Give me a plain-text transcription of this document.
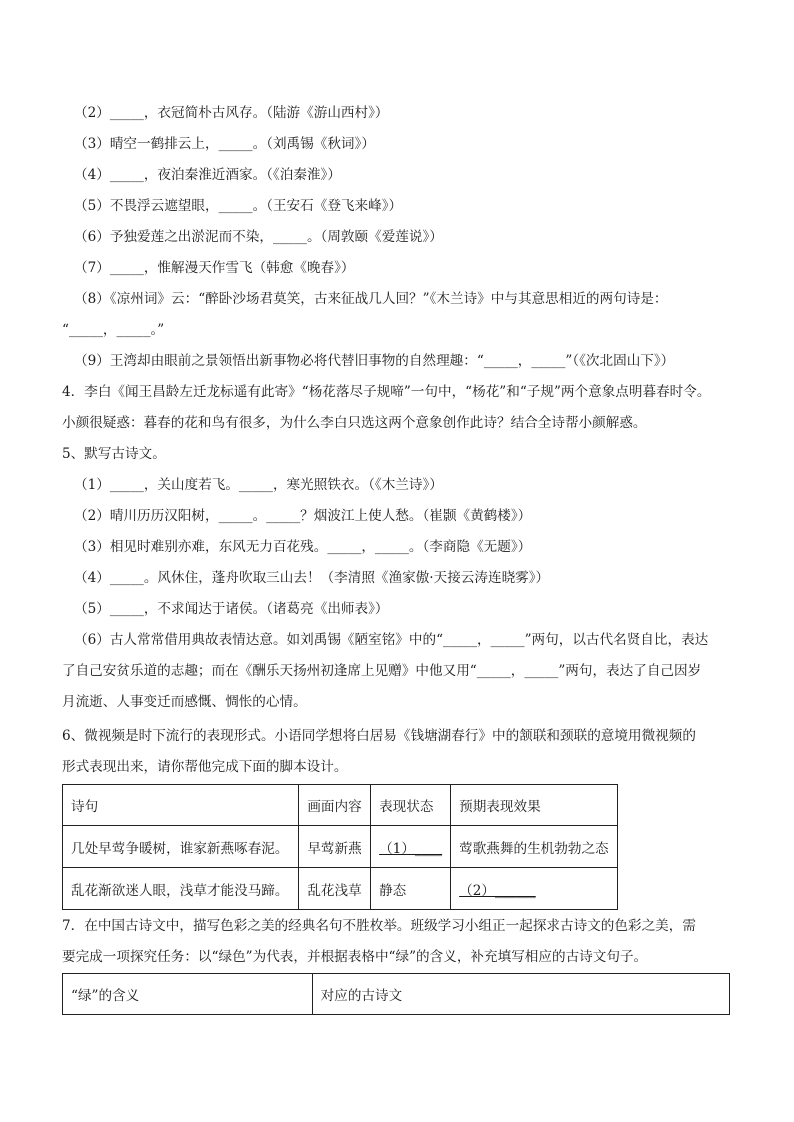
（2）_____，衣冠简朴古风存。（陆游《游山西村》）
（3）晴空一鹤排云上，_____。（刘禹锡《秋词》）
（4）_____，夜泊秦淮近酒家。（《泊秦淮》）
（5）不畏浮云遮望眼，_____。（王安石《登飞来峰》）
（6）予独爱莲之出淤泥而不染，_____。（周敦颐《爱莲说》）
（7）_____，惟解漫天作雪飞（韩愈《晚春》）
（8）《凉州词》云：“醉卧沙场君莫笑，古来征战几人回？”《木兰诗》中与其意思相近的两句诗是：
“_____，_____。”
（9）王湾却由眼前之景领悟出新事物必将代替旧事物的自然理趣：“_____，_____”（《次北固山下》）
4．李白《闻王昌龄左迁龙标遥有此寄》“杨花落尽子规啼”一句中，“杨花”和“子规”两个意象点明暮春时令。
小颜很疑惑：暮春的花和鸟有很多，为什么李白只选这两个意象创作此诗？结合全诗帮小颜解惑。
5、默写古诗文。
（1）_____，关山度若飞。_____，寒光照铁衣。（《木兰诗》）
（2）晴川历历汉阳树，_____。_____？烟波江上使人愁。（崔颢《黄鹤楼》）
（3）相见时难别亦难，东风无力百花残。_____，_____。（李商隐《无题》）
（4）_____。风休住，蓬舟吹取三山去！（李清照《渔家傲·天接云涛连晓雾》）
（5）_____，不求闻达于诸侯。（诸葛亮《出师表》）
（6）古人常常借用典故表情达意。如刘禹锡《陋室铭》中的“_____，_____”两句，以古代名贤自比，表达
了自己安贫乐道的志趣；而在《酬乐天扬州初逢席上见赠》中他又用“_____，_____”两句，表达了自己因岁
月流逝、人事变迁而感慨、惆怅的心情。
6、微视频是时下流行的表现形式。小语同学想将白居易《钱塘湖春行》中的颔联和颈联的意境用微视频的
形式表现出来，请你帮他完成下面的脚本设计。
诗句	画面内容	表现状态	预期表现效果
几处早莺争暖树，谁家新燕啄春泥。	早莺新燕	（1）____	莺歌燕舞的生机勃勃之态
乱花渐欲迷人眼，浅草才能没马蹄。	乱花浅草	静态	（2）______
7．在中国古诗文中，描写色彩之美的经典名句不胜枚举。班级学习小组正一起探求古诗文的色彩之美，需
要完成一项探究任务：以“绿色”为代表，并根据表格中“绿”的含义，补充填写相应的古诗文句子。
“绿”的含义	对应的古诗文
